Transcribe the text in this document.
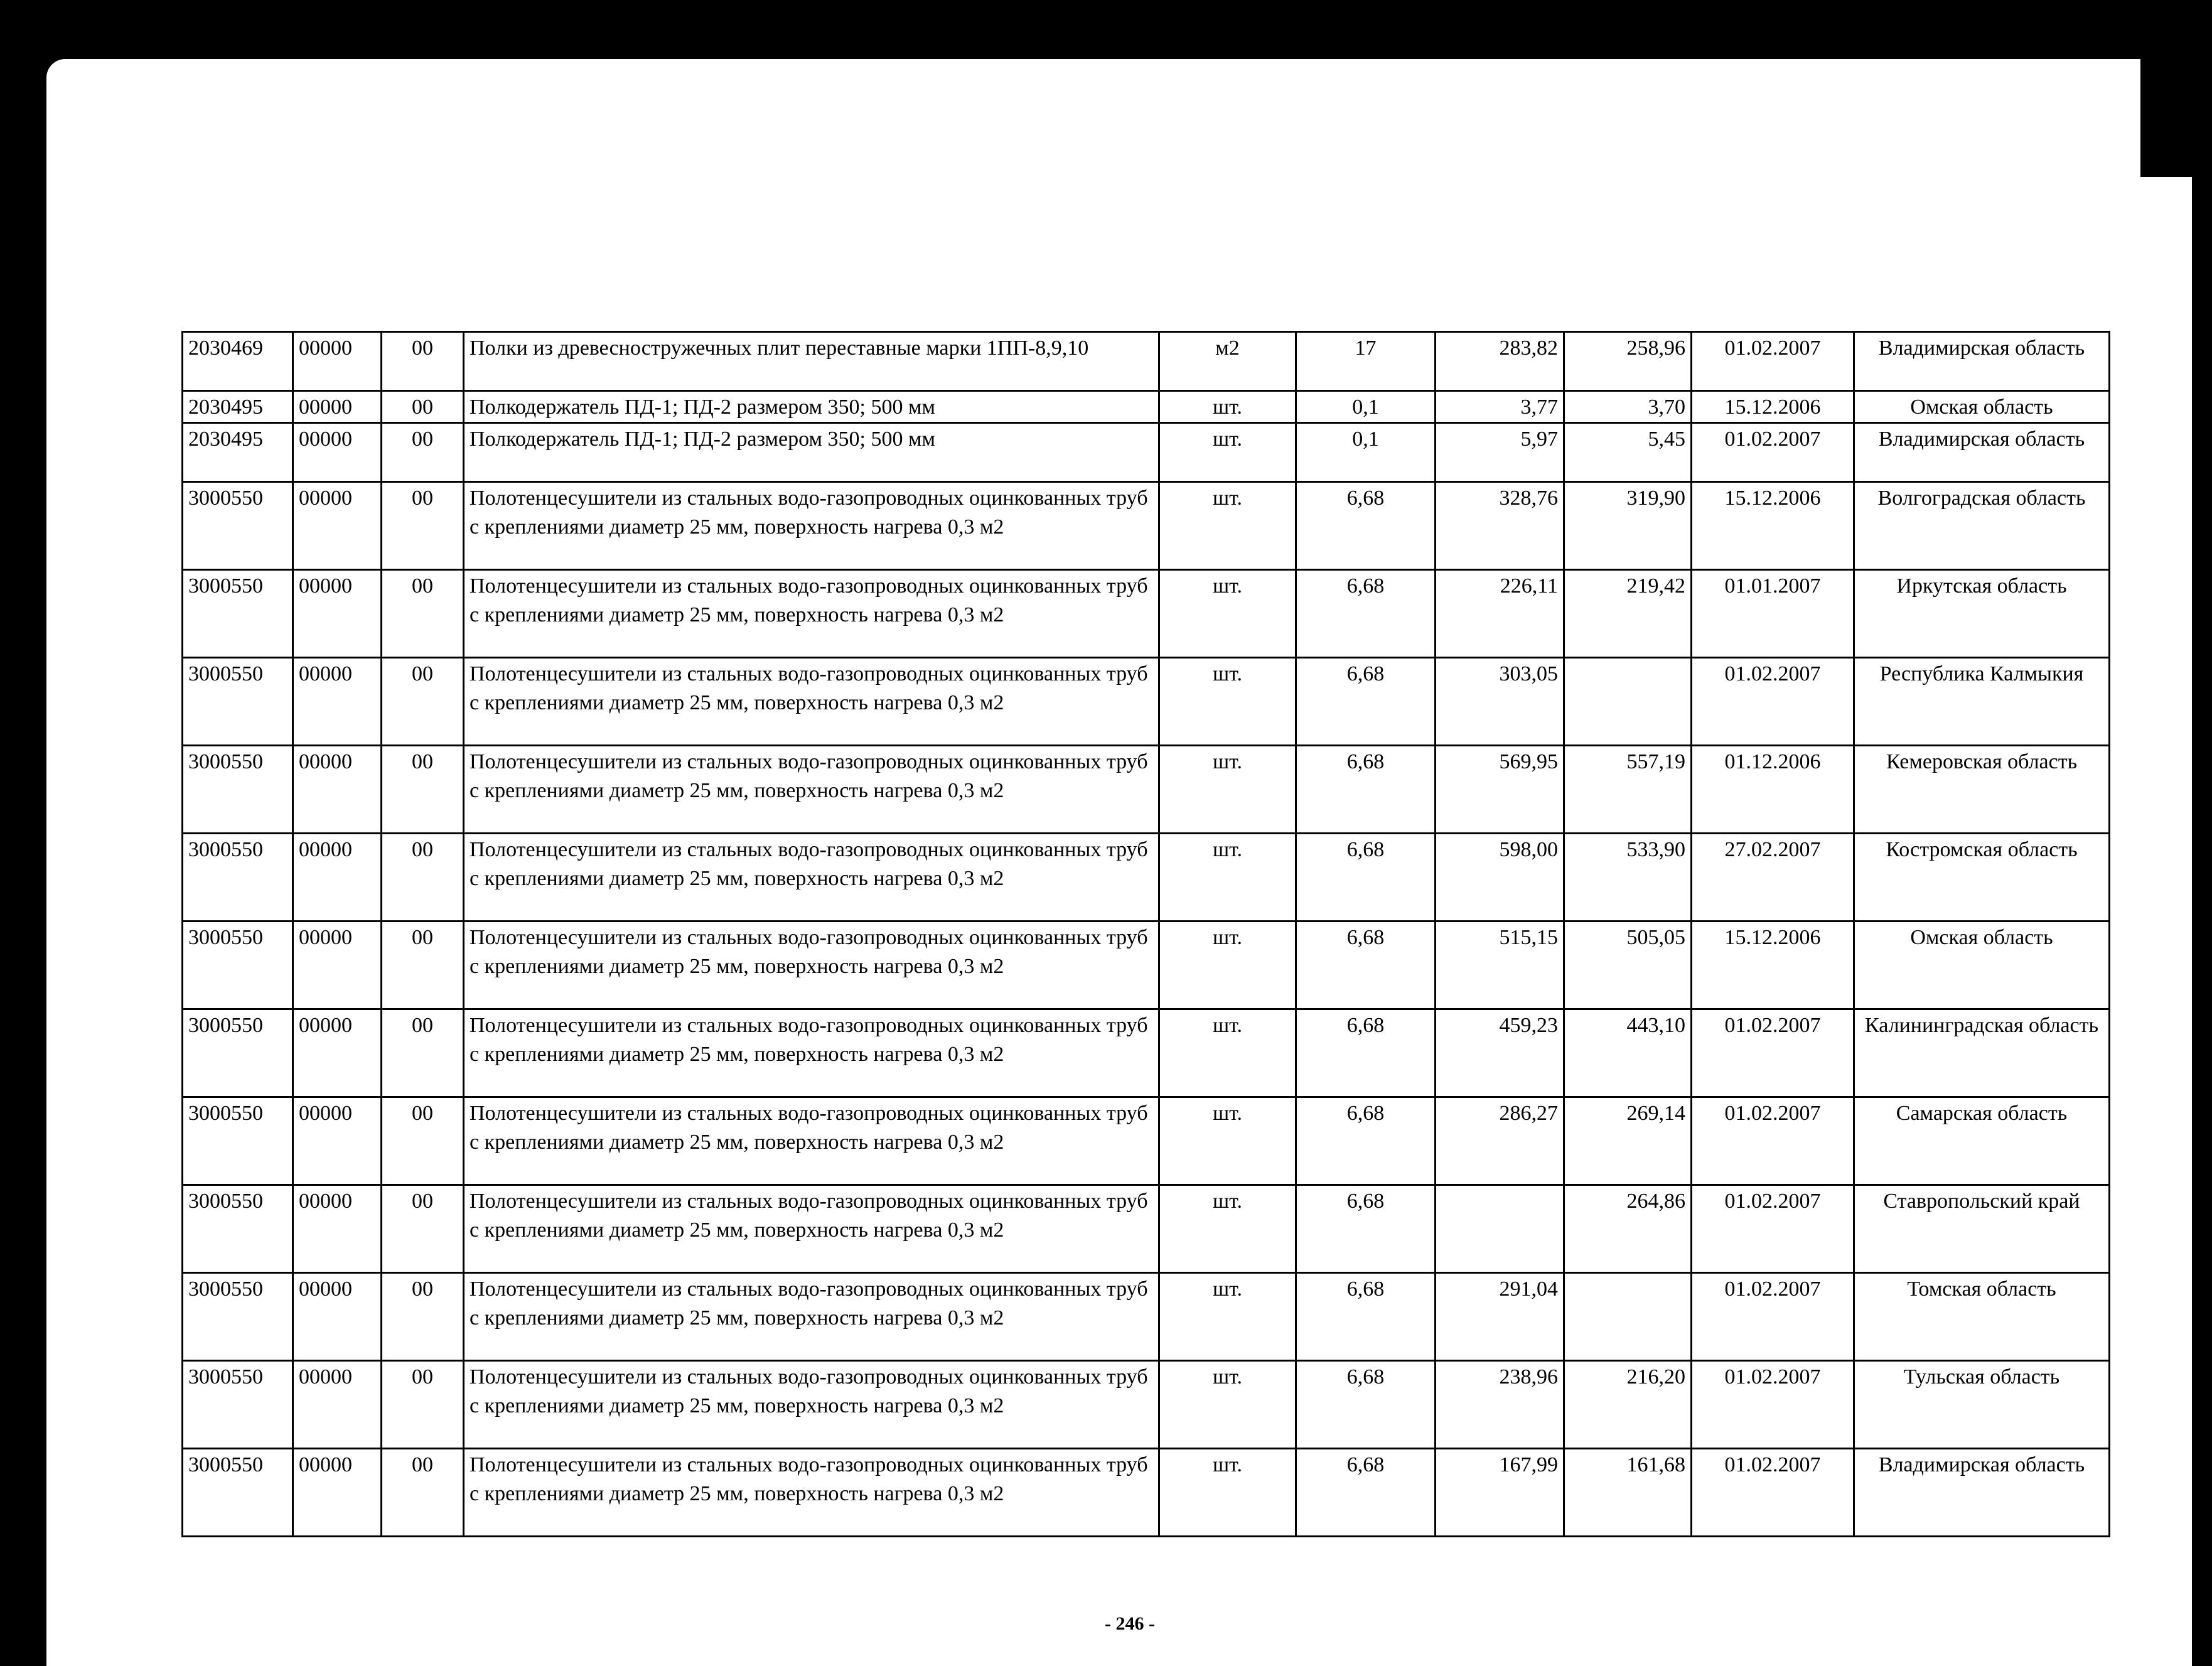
2030469	00000	00	Полки из древесностружечных плит переставные марки 1ПП-8,9,10	м2	17	283,82	258,96	01.02.2007	Владимирская область
2030495	00000	00	Полкодержатель ПД-1; ПД-2 размером 350; 500 мм	шт.	0,1	3,77	3,70	15.12.2006	Омская область
2030495	00000	00	Полкодержатель ПД-1; ПД-2 размером 350; 500 мм	шт.	0,1	5,97	5,45	01.02.2007	Владимирская область
3000550	00000	00	Полотенцесушители из стальных водо-газопроводных оцинкованных труб с креплениями диаметр 25 мм, поверхность нагрева 0,3 м2	шт.	6,68	328,76	319,90	15.12.2006	Волгоградская область
3000550	00000	00	Полотенцесушители из стальных водо-газопроводных оцинкованных труб с креплениями диаметр 25 мм, поверхность нагрева 0,3 м2	шт.	6,68	226,11	219,42	01.01.2007	Иркутская область
3000550	00000	00	Полотенцесушители из стальных водо-газопроводных оцинкованных труб с креплениями диаметр 25 мм, поверхность нагрева 0,3 м2	шт.	6,68	303,05		01.02.2007	Республика Калмыкия
3000550	00000	00	Полотенцесушители из стальных водо-газопроводных оцинкованных труб с креплениями диаметр 25 мм, поверхность нагрева 0,3 м2	шт.	6,68	569,95	557,19	01.12.2006	Кемеровская область
3000550	00000	00	Полотенцесушители из стальных водо-газопроводных оцинкованных труб с креплениями диаметр 25 мм, поверхность нагрева 0,3 м2	шт.	6,68	598,00	533,90	27.02.2007	Костромская область
3000550	00000	00	Полотенцесушители из стальных водо-газопроводных оцинкованных труб с креплениями диаметр 25 мм, поверхность нагрева 0,3 м2	шт.	6,68	515,15	505,05	15.12.2006	Омская область
3000550	00000	00	Полотенцесушители из стальных водо-газопроводных оцинкованных труб с креплениями диаметр 25 мм, поверхность нагрева 0,3 м2	шт.	6,68	459,23	443,10	01.02.2007	Калининградская область
3000550	00000	00	Полотенцесушители из стальных водо-газопроводных оцинкованных труб с креплениями диаметр 25 мм, поверхность нагрева 0,3 м2	шт.	6,68	286,27	269,14	01.02.2007	Самарская область
3000550	00000	00	Полотенцесушители из стальных водо-газопроводных оцинкованных труб с креплениями диаметр 25 мм, поверхность нагрева 0,3 м2	шт.	6,68		264,86	01.02.2007	Ставропольский край
3000550	00000	00	Полотенцесушители из стальных водо-газопроводных оцинкованных труб с креплениями диаметр 25 мм, поверхность нагрева 0,3 м2	шт.	6,68	291,04		01.02.2007	Томская область
3000550	00000	00	Полотенцесушители из стальных водо-газопроводных оцинкованных труб с креплениями диаметр 25 мм, поверхность нагрева 0,3 м2	шт.	6,68	238,96	216,20	01.02.2007	Тульская область
3000550	00000	00	Полотенцесушители из стальных водо-газопроводных оцинкованных труб с креплениями диаметр 25 мм, поверхность нагрева 0,3 м2	шт.	6,68	167,99	161,68	01.02.2007	Владимирская область
- 246 -
